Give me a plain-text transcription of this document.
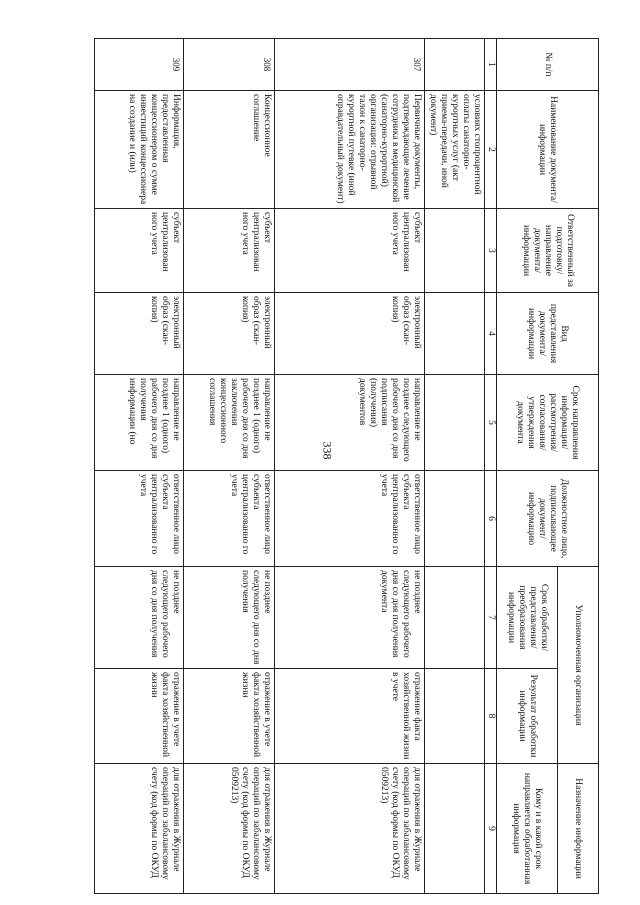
338
№ п/п	Наименование документа/ информации	Ответственный за подготовку/ направление документа/ информации	Вид представления документа/ информации	Срок направления информации/ рассмотрения/ согласования/ утверждения документа	Должностное лицо, подписывающее документ/ информацию	Уполномоченная организация		Назначение информации
						Срок обработки/ представления/ преобразования информации	Результат обработки информации	Кому и в какой срок направляется обработанная информация
1	2	3	4	5	6	7	8	9
	условиях стопроцентной оплаты санаторно-курортных услуг (акт приема-передачи, иной документ)							
307	Первичные документы, подтверждающие лечение сотрудника в медицинской (санаторно-курортной) организации: отрывной талон к санаторно-курортной путевке (иной оправдательный документ)	субъект централизован ного учета	электронный образ (скан-копия)	направление не позднее следующего рабочего дня со дня подписания (получения) документов	ответственное лицо субъекта централизованно го учета	не позднее следующего рабочего дня со дня получения документа	отражение факта хозяйственной жизни в учете	для отражения в Журнале операций по забалансовому счету (код формы по ОКУД 0509213)
308	Концессионное соглашение	субъект централизован ного учета	электронный образ (скан-копия)	направление не позднее 1 (одного) рабочего дня со дня заключения концессионного соглашения	ответственное лицо субъекта централизованно го учета	не позднее следующего дня со дня получения	отражение в учете факта хозяйственной жизни	для отражения в Журнале операций по забалансовому счету (код формы по ОКУД 0509213)
309	Информация, предоставленная концессионером о сумме инвестиций концессионера на создание и (или)	субъект централизован ного учета	электронный образ (скан-копия)	направление не позднее 1 (одного) рабочего дня со дня получения информации (но	ответственное лицо субъекта централизованно го учета	не позднее следующего рабочего дня со дня получения	отражение в учете факта хозяйственной жизни	для отражения в Журнале операций по забалансовому счету (код формы по ОКУД
